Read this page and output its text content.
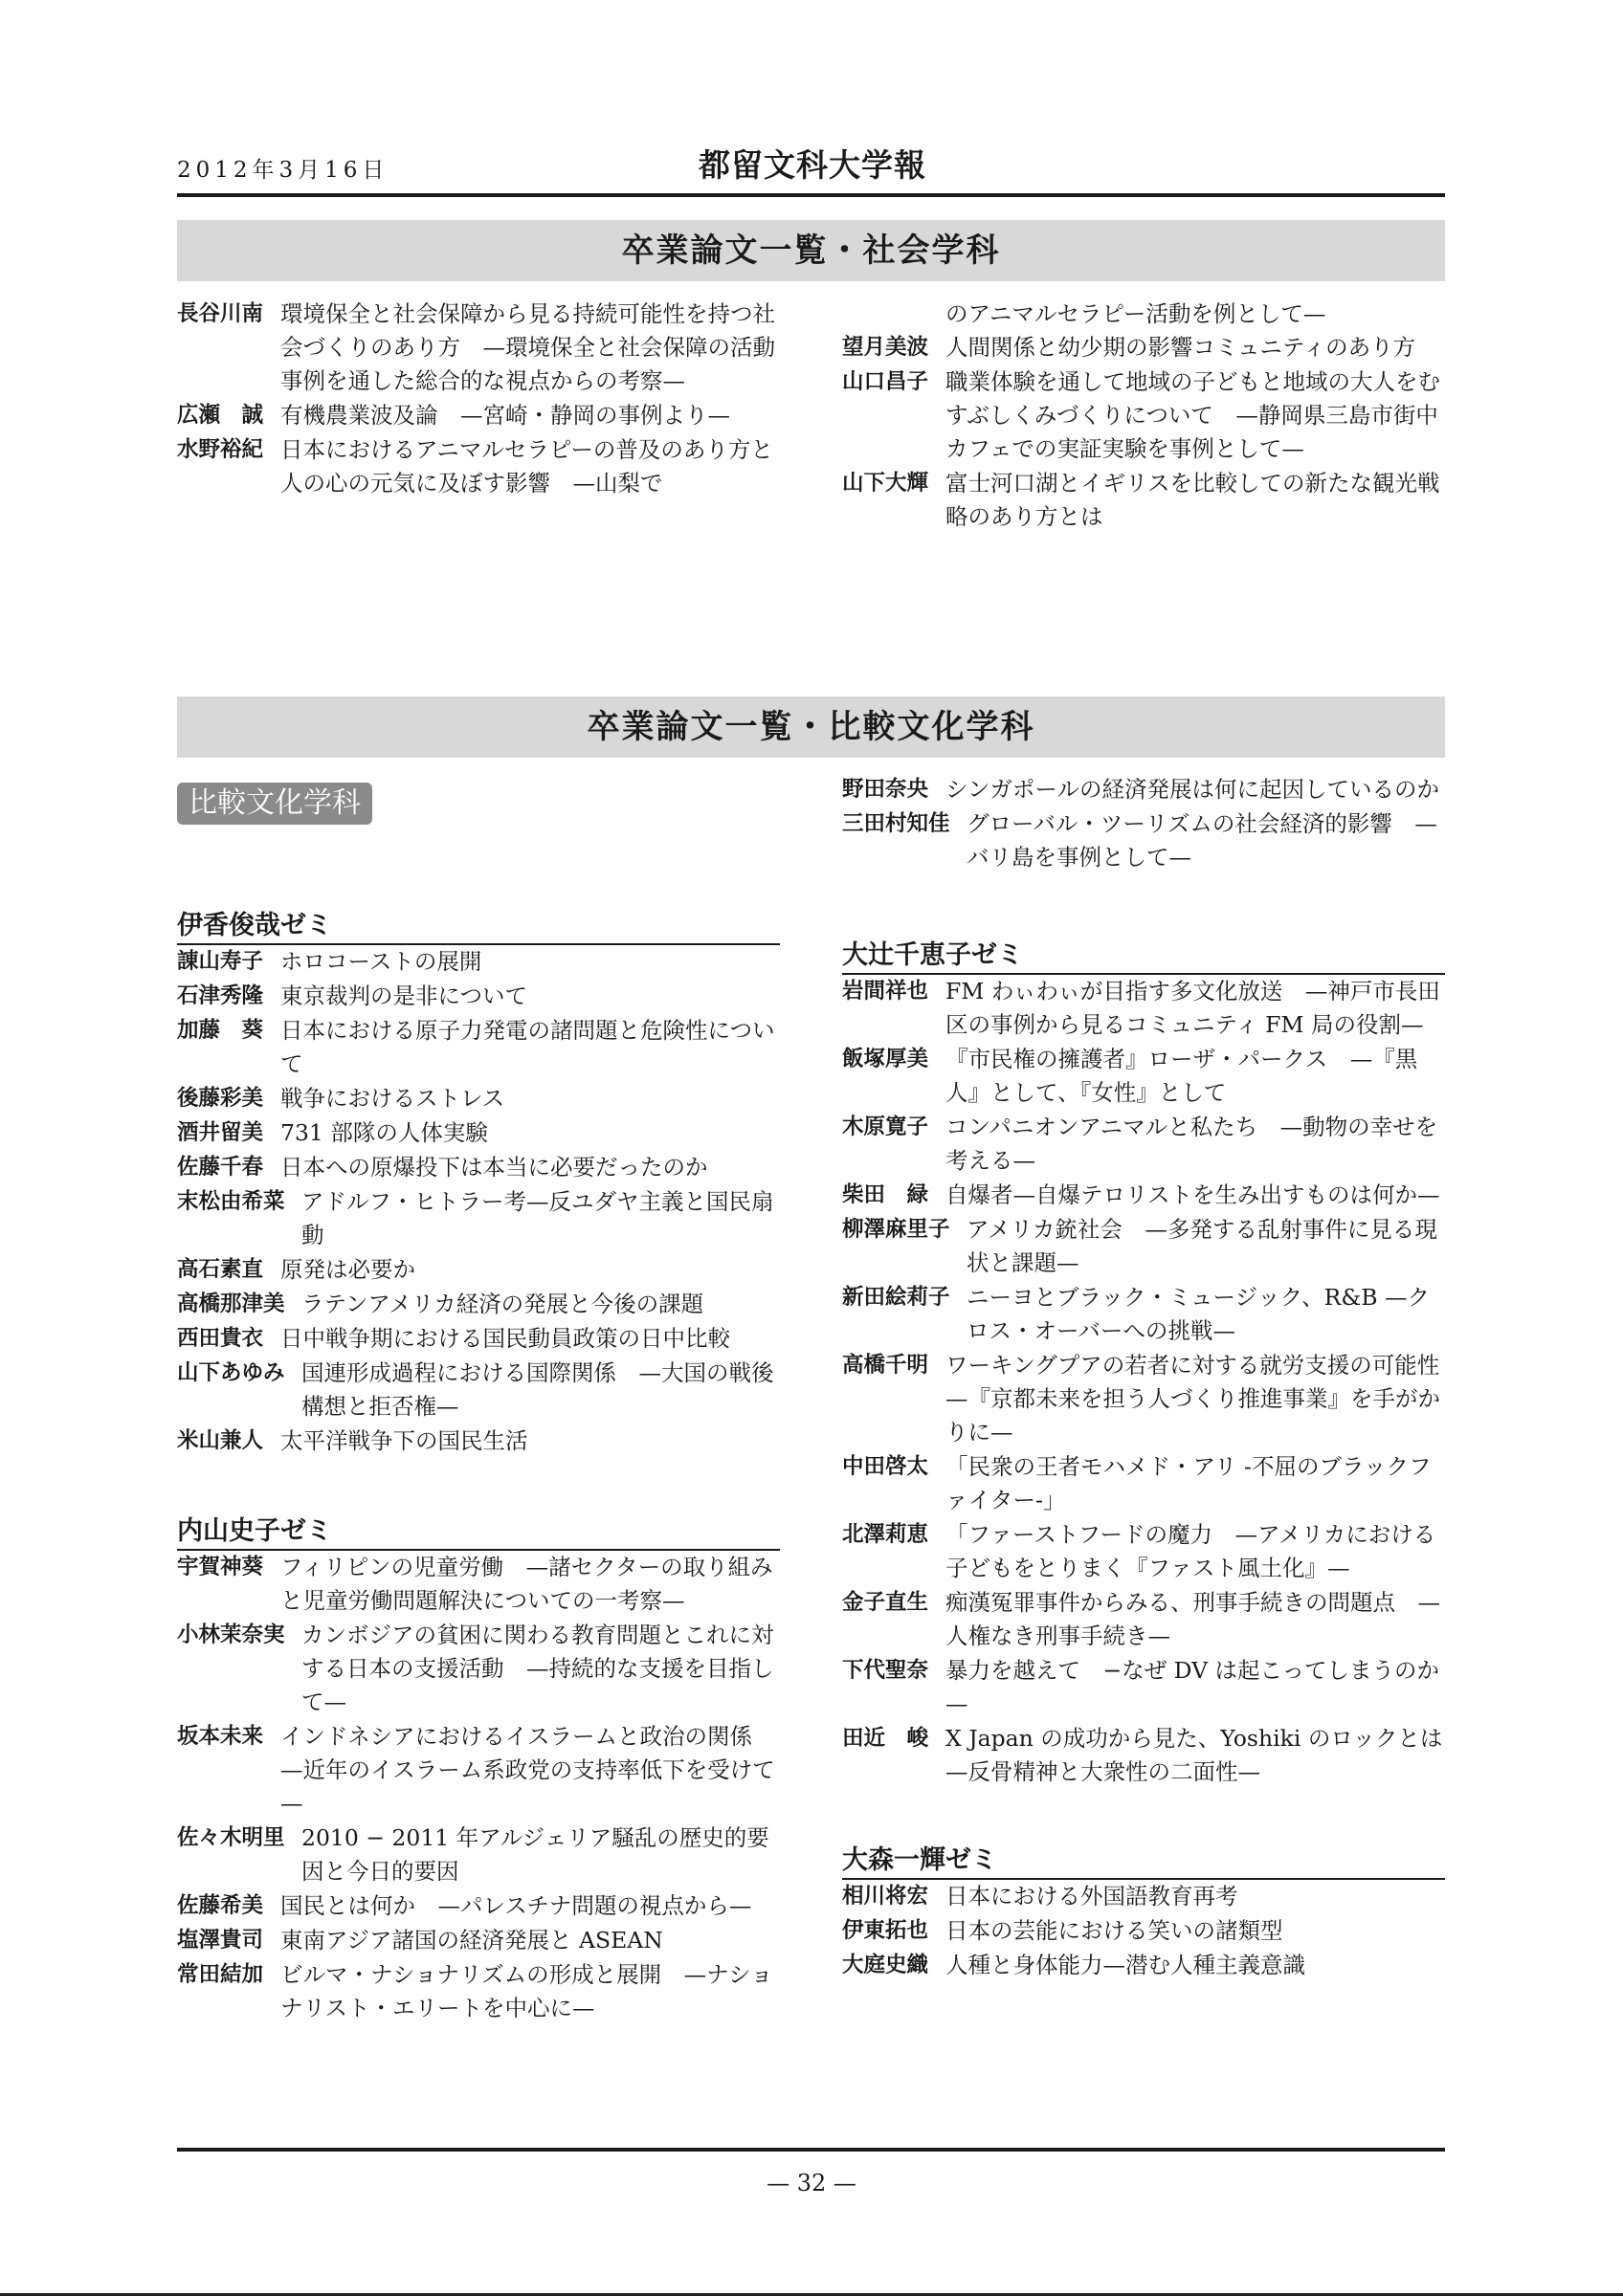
2012年3月16日	都留文科大学報
卒業論文一覧・社会学科
長谷川南 環境保全と社会保障から見る持続可能性を持つ社会づくりのあり方　—環境保全と社会保障の活動事例を通した総合的な視点からの考察—
広瀬　誠 有機農業波及論　—宮崎・静岡の事例より—
水野裕紀 日本におけるアニマルセラピーの普及のあり方と人の心の元気に及ぼす影響　—山梨で
のアニマルセラピー活動を例として—
望月美波 人間関係と幼少期の影響コミュニティのあり方
山口昌子 職業体験を通して地域の子どもと地域の大人をむすぶしくみづくりについて　—静岡県三島市街中カフェでの実証実験を事例として—
山下大輝 富士河口湖とイギリスを比較しての新たな観光戦略のあり方とは
卒業論文一覧・比較文化学科
比較文化学科
伊香俊哉ゼミ
諌山寿子 ホロコーストの展開
石津秀隆 東京裁判の是非について
加藤　葵 日本における原子力発電の諸問題と危険性について
後藤彩美 戦争におけるストレス
酒井留美 731 部隊の人体実験
佐藤千春 日本への原爆投下は本当に必要だったのか
末松由希菜 アドルフ・ヒトラー考—反ユダヤ主義と国民扇動
高石素直 原発は必要か
高橋那津美 ラテンアメリカ経済の発展と今後の課題
西田貴衣 日中戦争期における国民動員政策の日中比較
山下あゆみ 国連形成過程における国際関係　—大国の戦後構想と拒否権—
米山兼人 太平洋戦争下の国民生活
内山史子ゼミ
宇賀神葵 フィリピンの児童労働　—諸セクターの取り組みと児童労働問題解決についての一考察—
小林茉奈実 カンボジアの貧困に関わる教育問題とこれに対する日本の支援活動　—持続的な支援を目指して—
坂本未来 インドネシアにおけるイスラームと政治の関係　—近年のイスラーム系政党の支持率低下を受けて—
佐々木明里 2010 − 2011 年アルジェリア騒乱の歴史的要因と今日的要因
佐藤希美 国民とは何か　—パレスチナ問題の視点から—
塩澤貴司 東南アジア諸国の経済発展と ASEAN
常田結加 ビルマ・ナショナリズムの形成と展開　—ナショナリスト・エリートを中心に—
野田奈央 シンガポールの経済発展は何に起因しているのか
三田村知佳 グローバル・ツーリズムの社会経済的影響　—バリ島を事例として—
大辻千恵子ゼミ
岩間祥也 FM わぃわぃが目指す多文化放送　—神戸市長田区の事例から見るコミュニティ FM 局の役割—
飯塚厚美 『市民権の擁護者』ローザ・パークス　—『黒人』として、『女性』として
木原寛子 コンパニオンアニマルと私たち　—動物の幸せを考える—
柴田　緑 自爆者—自爆テロリストを生み出すものは何か—
柳澤麻里子 アメリカ銃社会　—多発する乱射事件に見る現状と課題—
新田絵莉子 ニーヨとブラック・ミュージック、R&B —クロス・オーバーへの挑戦—
高橋千明 ワーキングプアの若者に対する就労支援の可能性　—『京都未来を担う人づくり推進事業』を手がかりに—
中田啓太 「民衆の王者モハメド・アリ -不屈のブラックファイター-」
北澤莉恵 「ファーストフードの魔力　—アメリカにおける子どもをとりまく『ファスト風土化』—
金子直生 痴漢冤罪事件からみる、刑事手続きの問題点　—人権なき刑事手続き—
下代聖奈 暴力を越えて　−なぜ DV は起こってしまうのか—
田近　峻 X Japan の成功から見た、Yoshiki のロックとは　—反骨精神と大衆性の二面性—
大森一輝ゼミ
相川将宏 日本における外国語教育再考
伊東拓也 日本の芸能における笑いの諸類型
大庭史織 人種と身体能力—潜む人種主義意識
— 32 —
